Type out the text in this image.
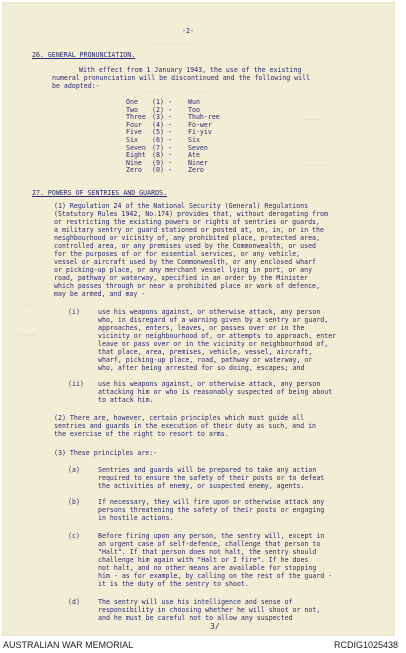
— — — — — —
— — — — — — — — — —
— — —
— — —
— — —
— — — — —
-2-
26. GENERAL PRONUNCIATION.
With effect from 1 January 1943, the use of the existing
numeral pronunciation will be discontinued and the following will
be adopted:-
One	(1) -	Wun
Two	(2) -	Too
Three (3) -	Thuh-ree
Four	(4) -	Fo-wer
Five	(5) -	Fi-yiv
Six	(6) -	Six
Seven (7) -	Seven
Eight (8) -	Ate
Nine	(9) -	Niner
Zero	(0) -	Zero
27. POWERS OF SENTRIES AND GUARDS.
(1) Regulation 24 of the National Security (General) Regulations
(Statutory Rules 1942, No.174) provides that, without derogating from
or restricting the existing powers or rights of sentries or guards,
a military sentry or guard stationed or posted at, on, in, or in the
neighbourhood or vicinity of, any prohibited place, protected area,
controlled area, or any premises used by the Commonwealth, or used
for the purposes of or for essential services, or any vehicle,
vessel or aircraft used by the Commonwealth, or any enclosed wharf
or picking-up place, or any merchant vessel lying in port, or any
road, pathway or waterway, specified in an order by the Minister
which passes through or near a prohibited place or work of defence,
may be armed, and may -
(i)	use his weapons against, or otherwise attack, any person
who, in disregard of a warning given by a sentry or guard,
approaches, enters, leaves, or passes over or in the
vicinity or neighbourhood of, or attempts to approach, enter
leave or pass over or in the vicinity or neighbourhood of,
that place, area, premises, vehicle, vessel, aircraft,
wharf, picking-up place, road, pathway or waterway, or
who, after being arrested for so doing, escapes; and
(ii) use his weapons against, or otherwise attack, any person
attacking him or who is reasonably suspected of being about
to attack him.
(2) There are, however, certain principles which must guide all
sentries and guards in the execution of their duty as such, and in
the exercise of the right to resort to arms.
(3) These principles are:-
(a)	Sentries and guards will be prepared to take any action
required to ensure the safety of their posts or to defeat
the activities of enemy, or suspected enemy, agents.
(b)	If necessary, they will fire upon or otherwise attack any
persons threatening the safety of their posts or engaging
in hostile actions.
(c)	Before firing upon any person, the sentry will, except in
an urgent case of self-defence, challenge that person to
"Halt". If that person does not halt, the sentry should
challenge him again with "Halt or I fire". If he does
not halt, and no other means are available for stopping
him - as for example, by calling on the rest of the guard -
it is the duty of the sentry to shoot.
(d)	The sentry will use his intelligence and sense of
responsibility in choosing whether he will shoot or not,
and he must be careful not to allow any suspected
3/
AUSTRALIAN WAR MEMORIAL	RCDIG1025438
